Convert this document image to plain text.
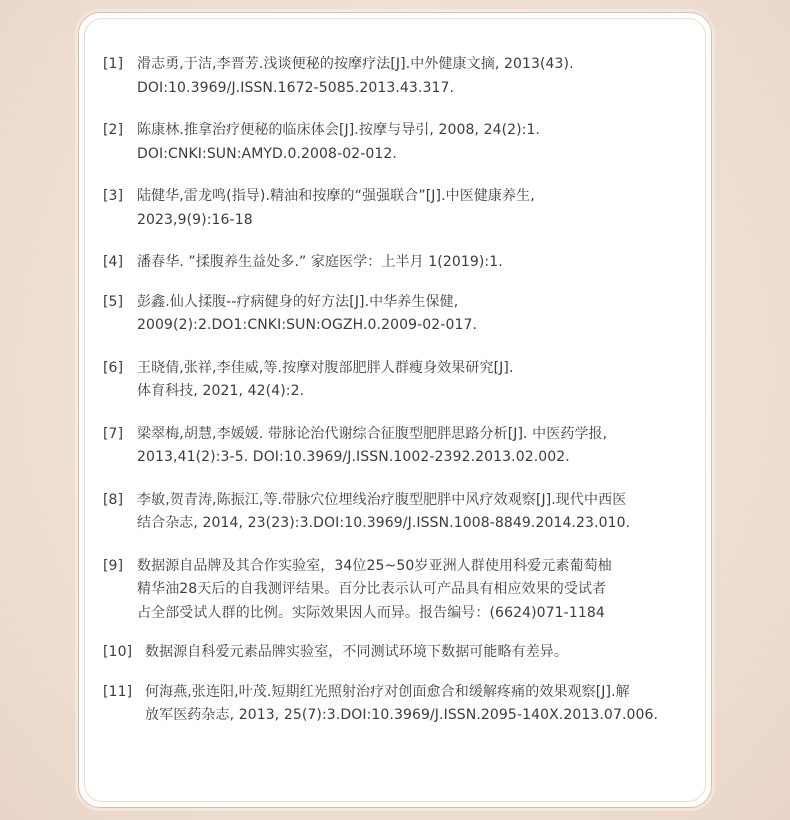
[1] 滑志勇,于洁,李晋芳.浅谈便秘的按摩疗法[J].中外健康文摘, 2013(43).
DOI:10.3969/J.ISSN.1672-5085.2013.43.317.
[2] 陈康林.推拿治疗便秘的临床体会[J].按摩与导引, 2008, 24(2):1.
DOI:CNKI:SUN:AMYD.0.2008-02-012.
[3] 陆健华,雷龙鸣(指导).精油和按摩的“强强联合”[J].中医健康养生,
2023,9(9):16-18
[4] 潘春华. ”揉腹养生益处多.” 家庭医学：上半月 1(2019):1.
[5] 彭鑫.仙人揉腹--疗病健身的好方法[J].中华养生保健,
2009(2):2.DO1:CNKI:SUN:OGZH.0.2009-02-017.
[6] 王晓倩,张祥,李佳威,等.按摩对腹部肥胖人群瘦身效果研究[J].
体育科技, 2021, 42(4):2.
[7] 梁翠梅,胡慧,李媛媛. 带脉论治代谢综合征腹型肥胖思路分析[J]. 中医药学报,
2013,41(2):3-5. DOI:10.3969/J.ISSN.1002-2392.2013.02.002.
[8] 李敏,贺青涛,陈振江,等.带脉穴位埋线治疗腹型肥胖中风疗效观察[J].现代中西医
结合杂志, 2014, 23(23):3.DOI:10.3969/J.ISSN.1008-8849.2014.23.010.
[9] 数据源自品牌及其合作实验室，34位25~50岁亚洲人群使用科爱元素葡萄柚
精华油28天后的自我测评结果。百分比表示认可产品具有相应效果的受试者
占全部受试人群的比例。实际效果因人而异。报告编号：(6624)071-1184
[10] 数据源自科爱元素品牌实验室，不同测试环境下数据可能略有差异。
[11] 何海燕,张连阳,叶茂.短期红光照射治疗对创面愈合和缓解疼痛的效果观察[J].解
放军医药杂志, 2013, 25(7):3.DOI:10.3969/J.ISSN.2095-140X.2013.07.006.
